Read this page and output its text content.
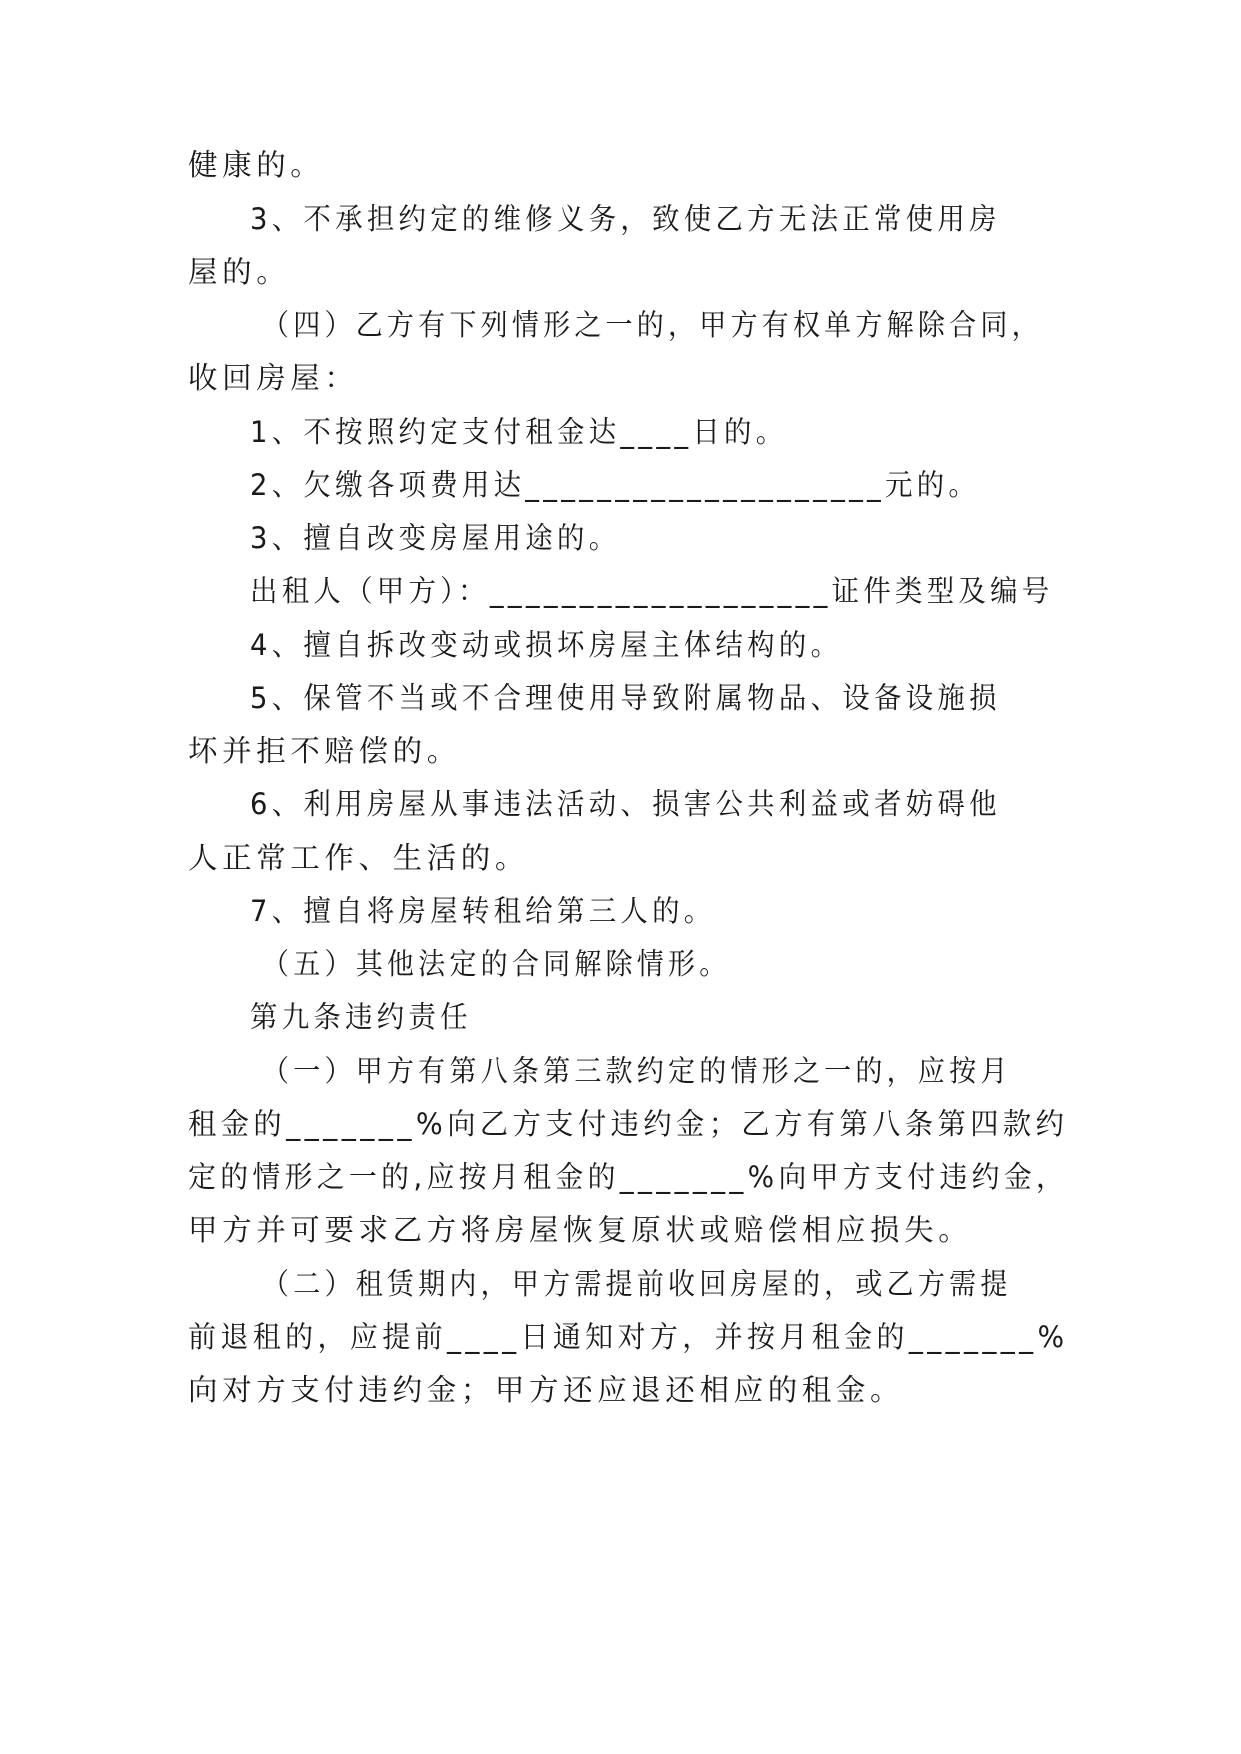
健康的。
3、不承担约定的维修义务，致使乙方无法正常使用房
屋的。
（四）乙方有下列情形之一的，甲方有权单方解除合同，
收回房屋：
1、不按照约定支付租金达____日的。
2、欠缴各项费用达____________________元的。
3、擅自改变房屋用途的。
出租人（甲方）：___________________证件类型及编号
4、擅自拆改变动或损坏房屋主体结构的。
5、保管不当或不合理使用导致附属物品、设备设施损
坏并拒不赔偿的。
6、利用房屋从事违法活动、损害公共利益或者妨碍他
人正常工作、生活的。
7、擅自将房屋转租给第三人的。
（五）其他法定的合同解除情形。
第九条违约责任
（一）甲方有第八条第三款约定的情形之一的，应按月
租金的_______%向乙方支付违约金；乙方有第八条第四款约
定的情形之一的,应按月租金的_______%向甲方支付违约金，
甲方并可要求乙方将房屋恢复原状或赔偿相应损失。
（二）租赁期内，甲方需提前收回房屋的，或乙方需提
前退租的，应提前____日通知对方，并按月租金的_______%
向对方支付违约金；甲方还应退还相应的租金。
